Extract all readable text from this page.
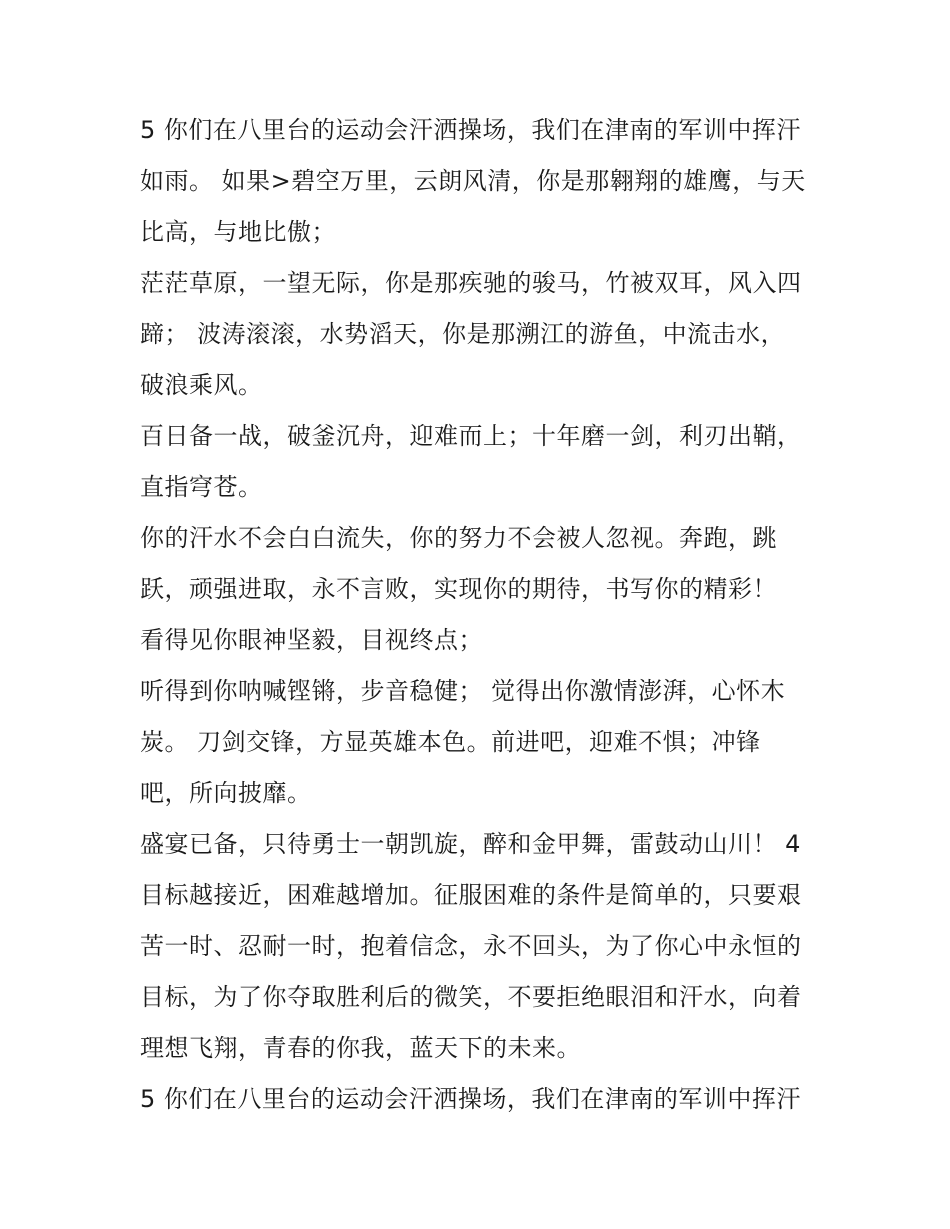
5 你们在八里台的运动会汗洒操场，我们在津南的军训中挥汗
如雨。 如果>碧空万里，云朗风清，你是那翱翔的雄鹰，与天
比高，与地比傲；
茫茫草原，一望无际，你是那疾驰的骏马，竹被双耳，风入四
蹄； 波涛滚滚，水势滔天，你是那溯江的游鱼，中流击水，
破浪乘风。
百日备一战，破釜沉舟，迎难而上；十年磨一剑，利刃出鞘，
直指穹苍。
你的汗水不会白白流失，你的努力不会被人忽视。奔跑，跳
跃，顽强进取，永不言败，实现你的期待，书写你的精彩！
看得见你眼神坚毅，目视终点；
听得到你呐喊铿锵，步音稳健； 觉得出你激情澎湃，心怀木
炭。 刀剑交锋，方显英雄本色。前进吧，迎难不惧；冲锋
吧，所向披靡。
盛宴已备，只待勇士一朝凯旋，醉和金甲舞，雷鼓动山川！ 4
目标越接近，困难越增加。征服困难的条件是简单的，只要艰
苦一时、忍耐一时，抱着信念，永不回头，为了你心中永恒的
目标，为了你夺取胜利后的微笑，不要拒绝眼泪和汗水，向着
理想飞翔，青春的你我，蓝天下的未来。
5 你们在八里台的运动会汗洒操场，我们在津南的军训中挥汗
